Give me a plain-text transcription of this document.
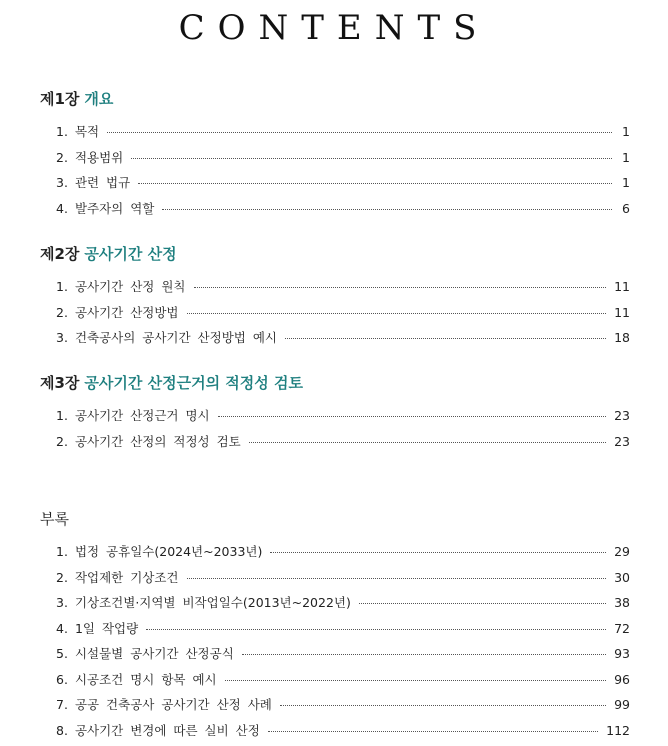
CONTENTS
제1장 개요
1. 목적	1
2. 적용범위	1
3. 관련 법규	1
4. 발주자의 역할	6
제2장 공사기간 산정
1. 공사기간 산정 원칙	11
2. 공사기간 산정방법	11
3. 건축공사의 공사기간 산정방법 예시	18
제3장 공사기간 산정근거의 적정성 검토
1. 공사기간 산정근거 명시	23
2. 공사기간 산정의 적정성 검토	23
부록
1. 법정 공휴일수(2024년~2033년)	29
2. 작업제한 기상조건	30
3. 기상조건별·지역별 비작업일수(2013년~2022년)	38
4. 1일 작업량	72
5. 시설물별 공사기간 산정공식	93
6. 시공조건 명시 항목 예시	96
7. 공공 건축공사 공사기간 산정 사례	99
8. 공사기간 변경에 따른 실비 산정	112
